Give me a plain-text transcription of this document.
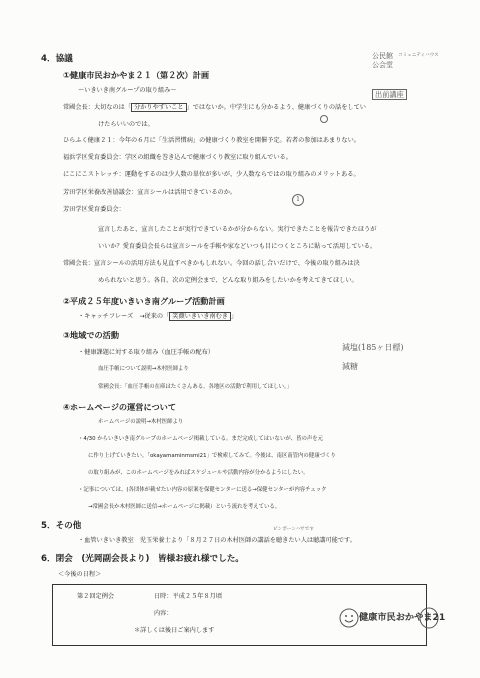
4．協議
①健康市民おかやま２１（第２次）計画
～いきいき南グループの取り組み～
常國会長：大切なのは「 分かりやすいこと 」ではないか。中学生にも分かるよう、健康づくりの話をしてい
けたらいいのでは。
ひらふく健康２１：今年の６月に「生活習慣病」の健康づくり教室を開催予定。若者の参加はあまりない。
福浜学区愛育委員会：学区の組織を巻き込んで健康づくり教室に取り組んでいる。
にこにこストレッチ：運動をするのは少人数の単位が多いが、少人数ならではの取り組みのメリットある。
芳田学区栄養改善協議会：宣言シールは活用できているのか。
芳田学区愛育委員会：
宣言したあと、宣言したことが実行できているかが分からない。実行できたことを報告できたほうが
いいか？愛育委員会長らは宣言シールを手帳や家などいつも目につくところに貼って活用している。
常國会長：宣言シールの活用方法も見直すべきかもしれない。今回の話し合いだけで、今後の取り組みは決
められないと思う。各自、次の定例会まで、どんな取り組みをしたいかを考えてきてほしい。
②平成２５年度いきいき南グループ活動計画
・キャッチフレーズ　→従来の「 笑顔いきいき南むき 」
③地域での活動
・健康課題に対する取り組み（血圧手帳の配布）
血圧手帳について説明→木村医師より
常國会長：「血圧手帳の在庫はたくさんある。各地区の活動で利用してほしい。」
④ホームページの運営について
ホームページの説明→木村医師より
・4/30 からいきいき南グループのホームページ掲載している。まだ完成してはいないが、皆の声を元
に作り上げていきたい。「okayamaminmsmi21」で検索してみて。今後は、南区南管内の健康づくり
の取り組みが、このホームページをみればスケジュールや活動内容が分かるようにしたい。
・記事については、(各団体が載せたい内容の原案を保健センターに送る→保健センターが内容チェック
→常國会長か木村医師に送信→ホームページに掲載）という流れを考えている。
5．その他	ピンポーンハサです
・血管いきいき教室　児玉栄養士より「８月２７日の木村医師の講話を聴きたい人は聴講可能です。
6．閉会　(光岡副会長より)　皆様お疲れ様でした。
＜今後の日程＞
第２回定例会	日時：平成２５年８月頃
内容：
＊詳しくは後日ご案内します
健康市民おかやま21
公民館
公会堂
コミュニティハウス
出前講座
減塩(185ヶ日標)
減糖
1
